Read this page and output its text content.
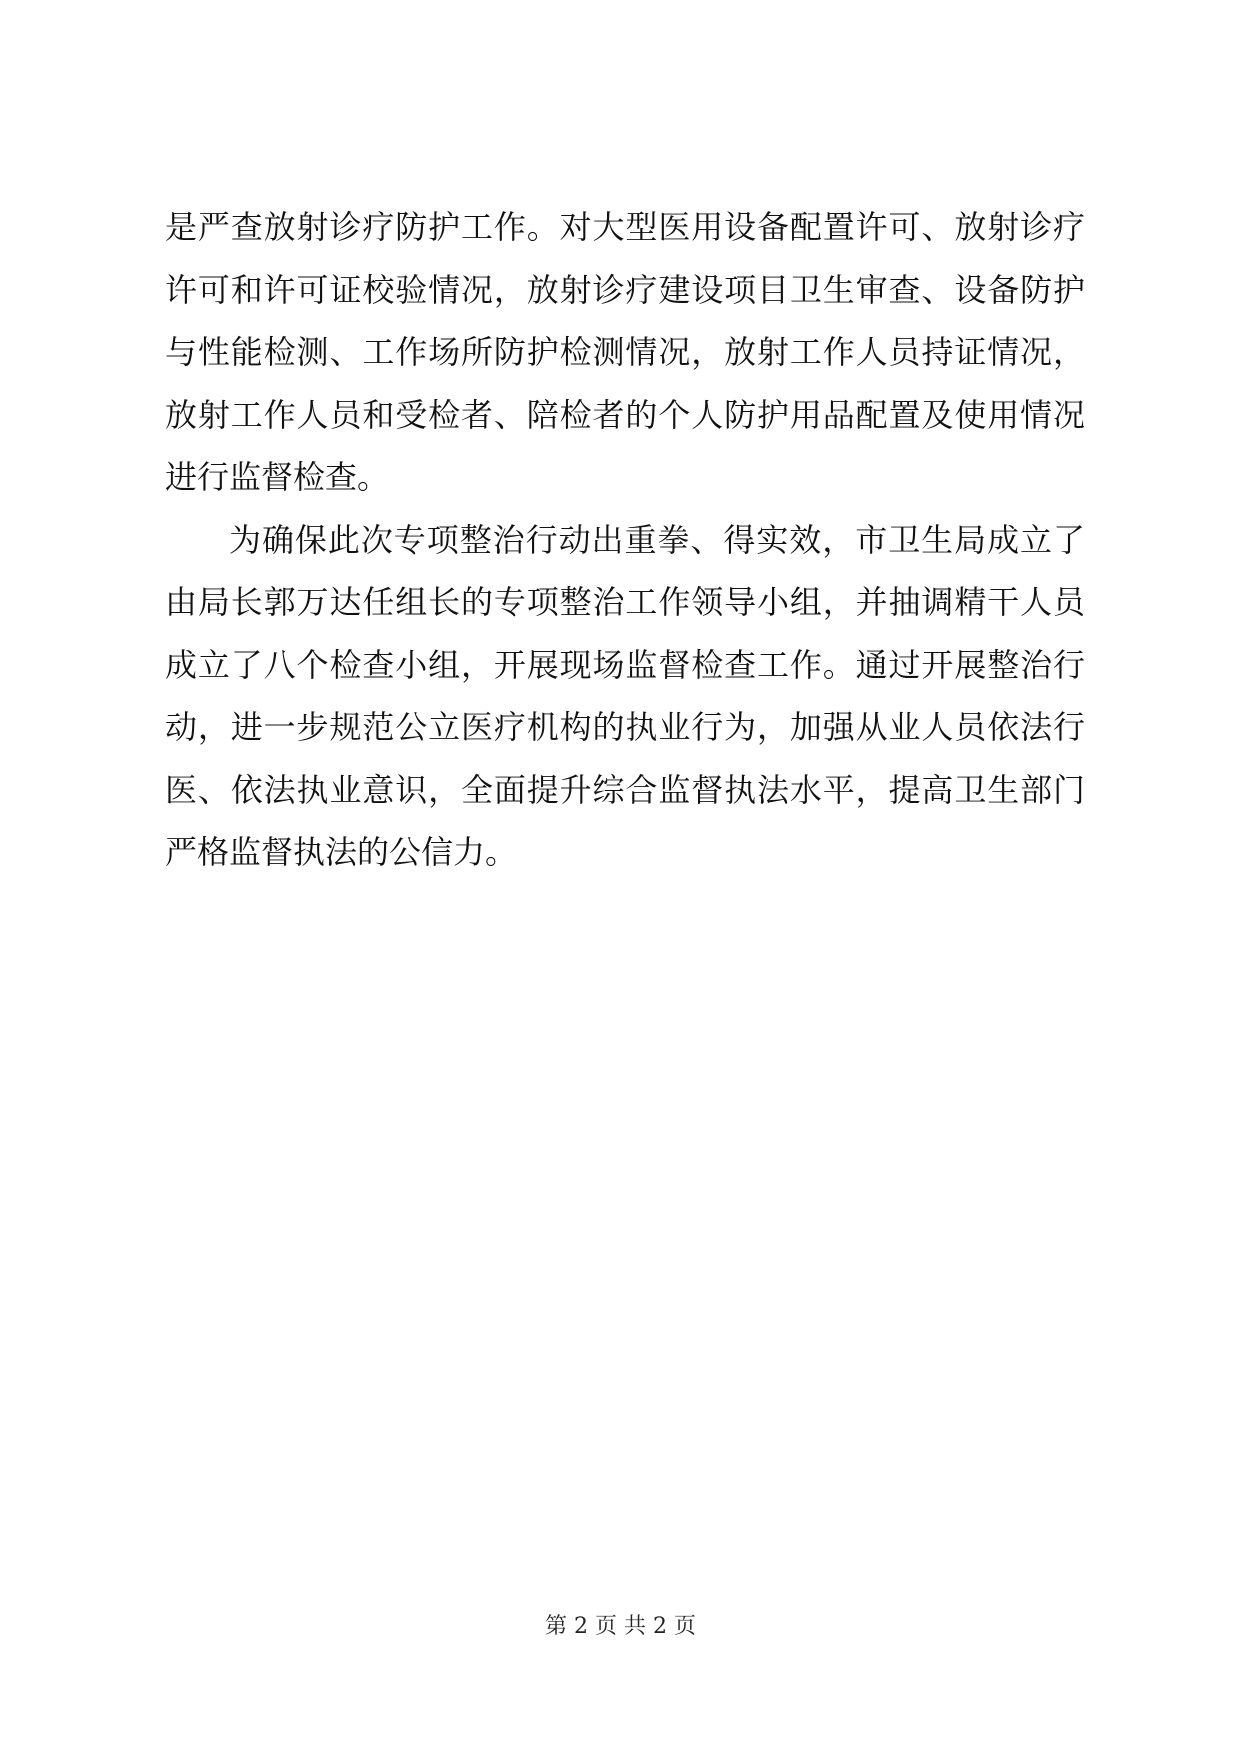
是严查放射诊疗防护工作。对大型医用设备配置许可、放射诊疗许可和许可证校验情况，放射诊疗建设项目卫生审查、设备防护与性能检测、工作场所防护检测情况，放射工作人员持证情况，放射工作人员和受检者、陪检者的个人防护用品配置及使用情况进行监督检查。

为确保此次专项整治行动出重拳、得实效，市卫生局成立了由局长郭万达任组长的专项整治工作领导小组，并抽调精干人员成立了八个检查小组，开展现场监督检查工作。通过开展整治行动，进一步规范公立医疗机构的执业行为，加强从业人员依法行医、依法执业意识，全面提升综合监督执法水平，提高卫生部门严格监督执法的公信力。

第 2 页 共 2 页
